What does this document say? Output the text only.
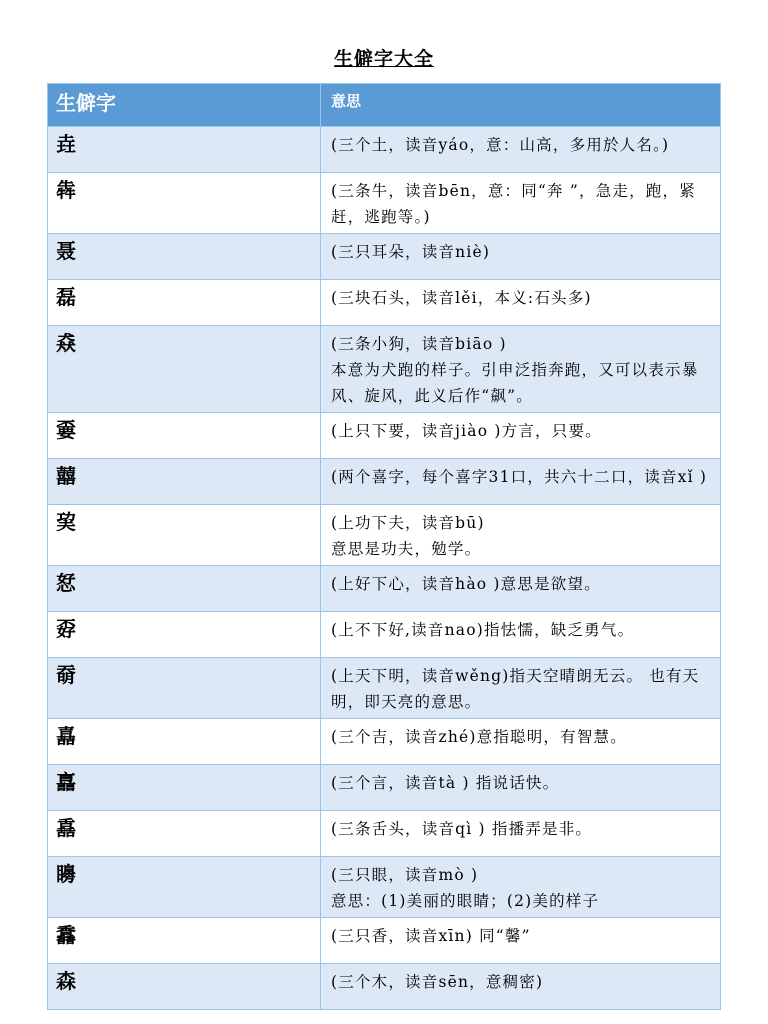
生僻字大全
生僻字	意思
垚	(三个土，读音yáo，意：山高，多用於人名。)
犇	(三条牛，读音bēn，意：同“奔 ”，急走，跑，紧赶，逃跑等。)
聂	(三只耳朵，读音niè)
磊	(三块石头，读音lěi，本义:石头多)
猋	(三条小狗，读音biāo )
本意为犬跑的样子。引申泛指奔跑，又可以表示暴风、旋风，此义后作“飙”。
嫑	(上只下要，读音jiào )方言，只要。
囍	(两个喜字，每个喜字31口，共六十二口，读音xǐ )
巭	(上功下夫，读音bū)
意思是功夫，勉学。
恏	(上好下心，读音hào )意思是欲望。
孬	(上不下好,读音nao)指怯懦，缺乏勇气。
奣	(上天下明，读音wěng)指天空晴朗无云。 也有天明，即天亮的意思。
嚞	(三个吉，读音zhé)意指聪明，有智慧。
譶	(三个言，读音tà ) 指说话快。
舙	(三条舌头，读音qì ) 指播弄是非。
矏	(三只眼，读音mò )
意思：(1)美丽的眼睛；(2)美的样子
馫	(三只香，读音xīn) 同“馨”
森	(三个木，读音sēn，意稠密)
